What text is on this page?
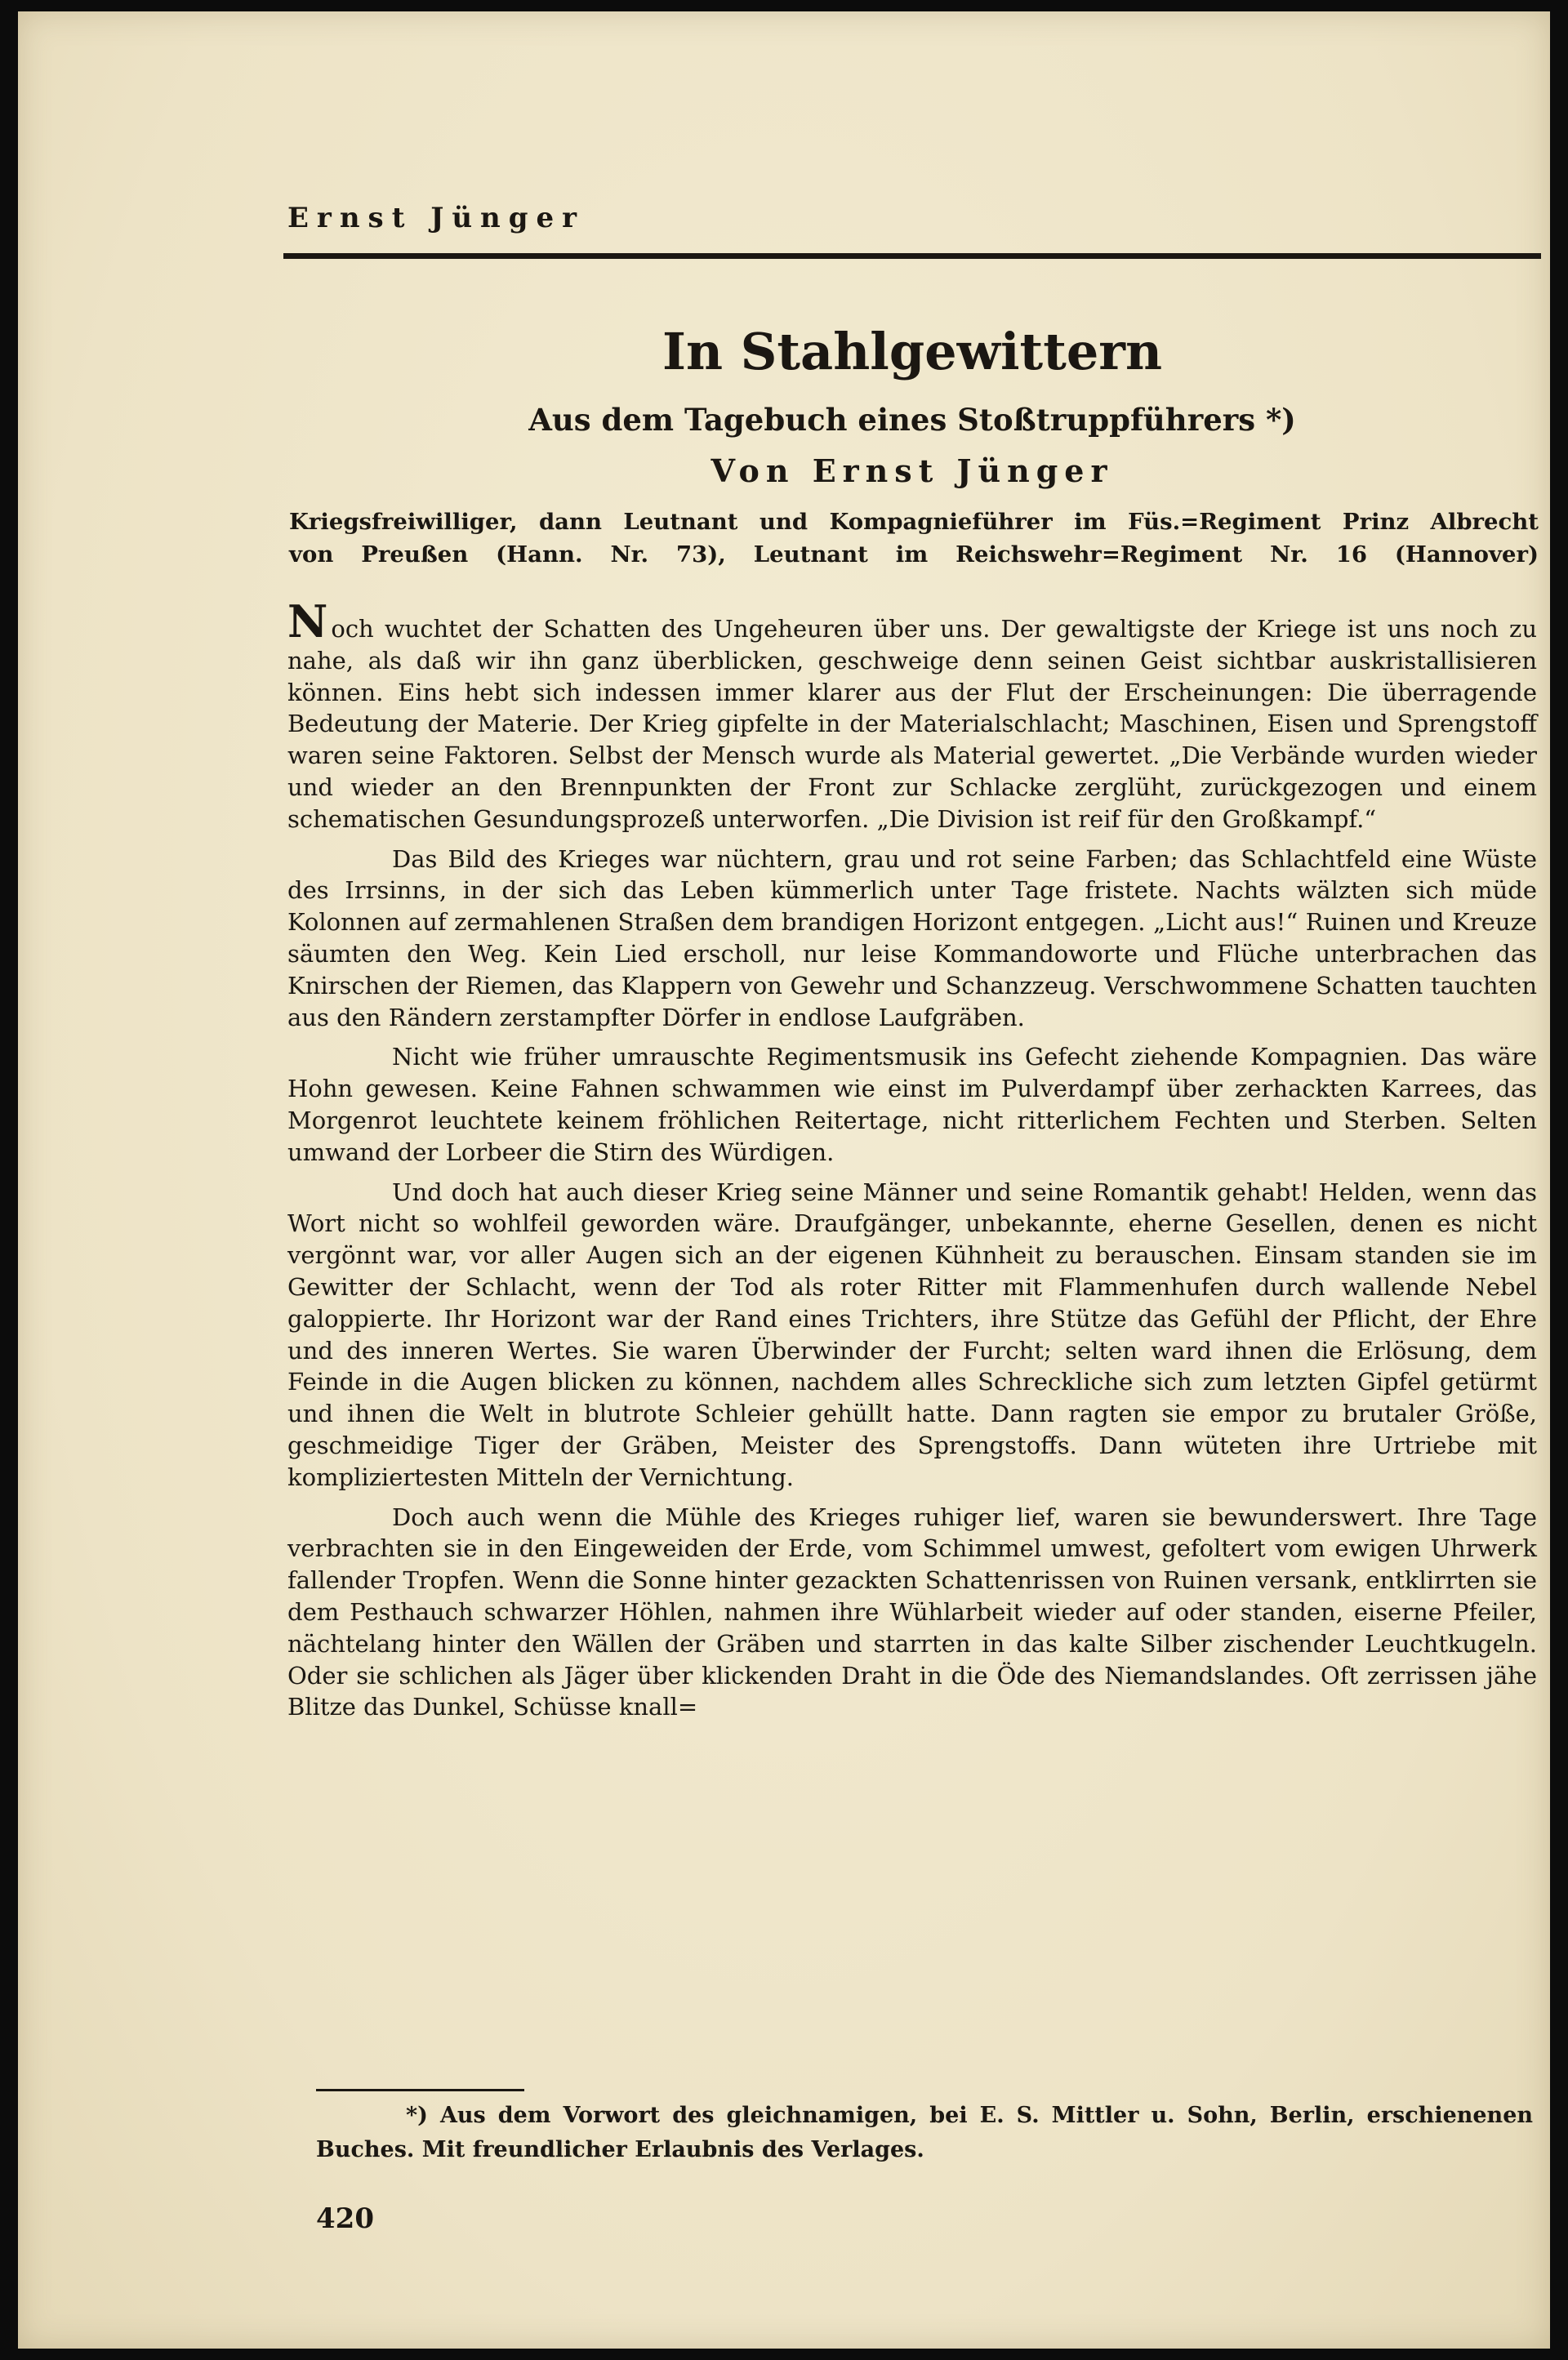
Ernst Jünger
In Stahlgewittern
Aus dem Tagebuch eines Stoßtruppführers *)
Von Ernst Jünger
Kriegsfreiwilliger, dann Leutnant und Kompagnieführer im Füs.=Regiment Prinz Albrecht
von Preußen (Hann. Nr. 73), Leutnant im Reichswehr=Regiment Nr. 16 (Hannover)

Noch wuchtet der Schatten des Ungeheuren über uns. Der gewaltigste der Kriege ist uns noch zu nahe, als daß wir ihn ganz überblicken, geschweige denn seinen Geist sichtbar auskristallisieren können. Eins hebt sich indessen immer klarer aus der Flut der Erscheinungen: Die überragende Bedeutung der Materie. Der Krieg gipfelte in der Materialschlacht; Maschinen, Eisen und Sprengstoff waren seine Faktoren. Selbst der Mensch wurde als Material gewertet. „Die Verbände wurden wieder und wieder an den Brennpunkten der Front zur Schlacke zerglüht, zurückgezogen und einem schematischen Gesundungsprozeß unterworfen. „Die Division ist reif für den Großkampf.“

Das Bild des Krieges war nüchtern, grau und rot seine Farben; das Schlachtfeld eine Wüste des Irrsinns, in der sich das Leben kümmerlich unter Tage fristete. Nachts wälzten sich müde Kolonnen auf zermahlenen Straßen dem brandigen Horizont entgegen. „Licht aus!“ Ruinen und Kreuze säumten den Weg. Kein Lied erscholl, nur leise Kommandoworte und Flüche unterbrachen das Knirschen der Riemen, das Klappern von Gewehr und Schanzzeug. Verschwommene Schatten tauchten aus den Rändern zerstampfter Dörfer in endlose Laufgräben.

Nicht wie früher umrauschte Regimentsmusik ins Gefecht ziehende Kompagnien. Das wäre Hohn gewesen. Keine Fahnen schwammen wie einst im Pulverdampf über zerhackten Karrees, das Morgenrot leuchtete keinem fröhlichen Reitertage, nicht ritterlichem Fechten und Sterben. Selten umwand der Lorbeer die Stirn des Würdigen.

Und doch hat auch dieser Krieg seine Männer und seine Romantik gehabt! Helden, wenn das Wort nicht so wohlfeil geworden wäre. Draufgänger, unbekannte, eherne Gesellen, denen es nicht vergönnt war, vor aller Augen sich an der eigenen Kühnheit zu berauschen. Einsam standen sie im Gewitter der Schlacht, wenn der Tod als roter Ritter mit Flammenhufen durch wallende Nebel galoppierte. Ihr Horizont war der Rand eines Trichters, ihre Stütze das Gefühl der Pflicht, der Ehre und des inneren Wertes. Sie waren Überwinder der Furcht; selten ward ihnen die Erlösung, dem Feinde in die Augen blicken zu können, nachdem alles Schreckliche sich zum letzten Gipfel getürmt und ihnen die Welt in blutrote Schleier gehüllt hatte. Dann ragten sie empor zu brutaler Größe, geschmeidige Tiger der Gräben, Meister des Sprengstoffs. Dann wüteten ihre Urtriebe mit kompliziertesten Mitteln der Vernichtung.

Doch auch wenn die Mühle des Krieges ruhiger lief, waren sie bewunderswert. Ihre Tage verbrachten sie in den Eingeweiden der Erde, vom Schimmel umwest, gefoltert vom ewigen Uhrwerk fallender Tropfen. Wenn die Sonne hinter gezackten Schattenrissen von Ruinen versank, entklirrten sie dem Pesthauch schwarzer Höhlen, nahmen ihre Wühlarbeit wieder auf oder standen, eiserne Pfeiler, nächtelang hinter den Wällen der Gräben und starrten in das kalte Silber zischender Leuchtkugeln. Oder sie schlichen als Jäger über klickenden Draht in die Öde des Niemandslandes. Oft zerrissen jähe Blitze das Dunkel, Schüsse knall=

*) Aus dem Vorwort des gleichnamigen, bei E. S. Mittler u. Sohn, Berlin, erschienenen Buches. Mit freundlicher Erlaubnis des Verlages.
420
